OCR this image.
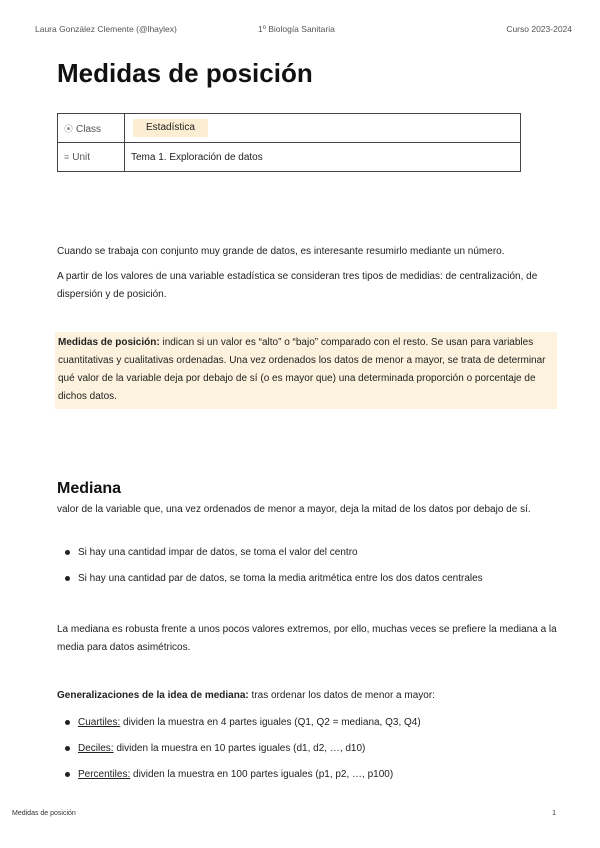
Laura González Clemente (@lhaylex)	1º Biología Sanitaria	Curso 2023-2024
Medidas de posición
⦿ Class	Estadística
≡ Unit	Tema 1. Exploración de datos

Cuando se trabaja con conjunto muy grande de datos, es interesante resumirlo mediante un número.

A partir de los valores de una variable estadística se consideran tres tipos de medidias: de centralización, de dispersión y de posición.

Medidas de posición: indican si un valor es “alto” o “bajo” comparado con el resto. Se usan para variables cuantitativas y cualitativas ordenadas. Una vez ordenados los datos de menor a mayor, se trata de determinar qué valor de la variable deja por debajo de sí (o es mayor que) una determinada proporción o porcentaje de dichos datos.
Mediana

valor de la variable que, una vez ordenados de menor a mayor, deja la mitad de los datos por debajo de sí.

Si hay una cantidad impar de datos, se toma el valor del centro
Si hay una cantidad par de datos, se toma la media aritmética entre los dos datos centrales

La mediana es robusta frente a unos pocos valores extremos, por ello, muchas veces se prefiere la mediana a la media para datos asimétricos.

Generalizaciones de la idea de mediana: tras ordenar los datos de menor a mayor:

Cuartiles: dividen la muestra en 4 partes iguales (Q1, Q2 = mediana, Q3, Q4)
Deciles: dividen la muestra en 10 partes iguales (d1, d2, …, d10)
Percentiles: dividen la muestra en 100 partes iguales (p1, p2, …, p100)
Medidas de posición	1
